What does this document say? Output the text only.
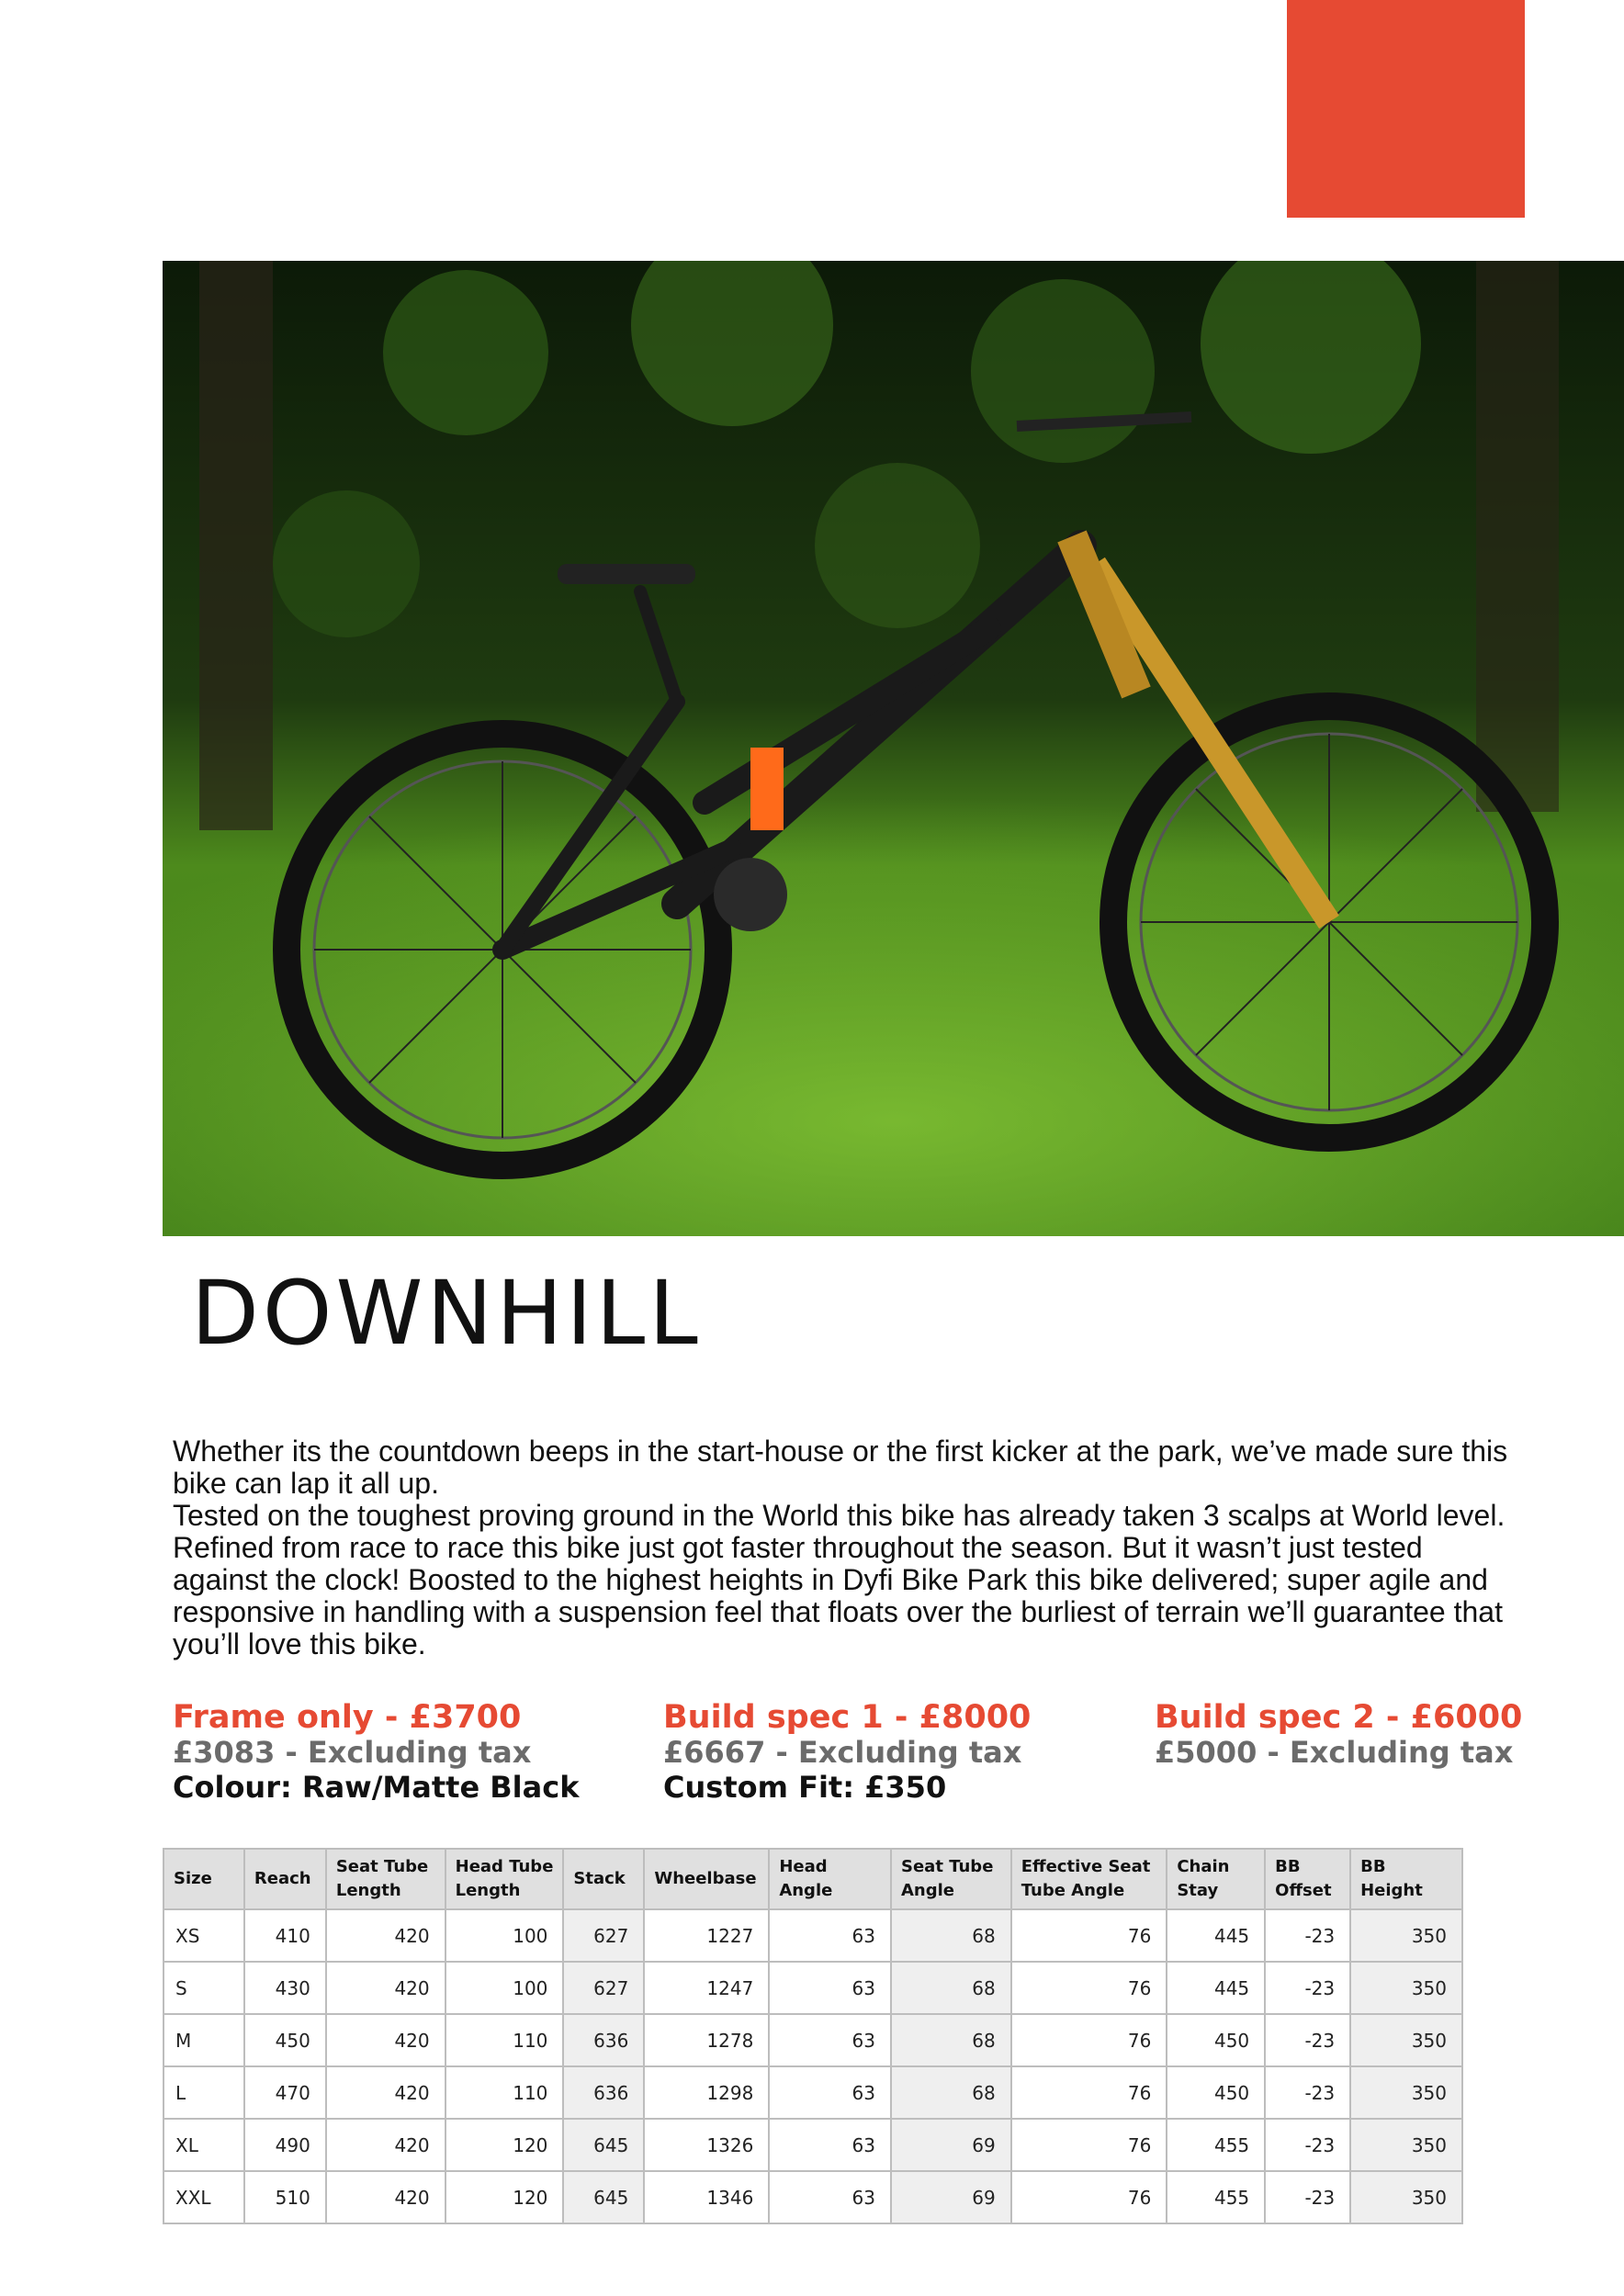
DOWNHILL

Whether its the countdown beeps in the start-house or the first kicker at the park, we’ve made sure this bike can lap it all up.

Tested on the toughest proving ground in the World this bike has already taken 3 scalps at World level. Refined from race to race this bike just got faster throughout the season. But it wasn’t just tested against the clock! Boosted to the highest heights in Dyfi Bike Park this bike delivered; super agile and responsive in handling with a suspension feel that floats over the burliest of terrain we’ll guarantee that you’ll love this bike.

Frame only - £3700
£3083 - Excluding tax
Colour: Raw/Matte Black
Build spec 1 - £8000
£6667 - Excluding tax
Custom Fit: £350
Build spec 2 - £6000
£5000 - Excluding tax
Size	Reach	Seat Tube Length	Head Tube Length	Stack	Wheelbase	Head Angle	Seat Tube Angle	Effective Seat Tube Angle	Chain Stay	BB Offset	BB Height
XS	410	420	100	627	1227	63	68	76	445	-23	350
S	430	420	100	627	1247	63	68	76	445	-23	350
M	450	420	110	636	1278	63	68	76	450	-23	350
L	470	420	110	636	1298	63	68	76	450	-23	350
XL	490	420	120	645	1326	63	69	76	455	-23	350
XXL	510	420	120	645	1346	63	69	76	455	-23	350
